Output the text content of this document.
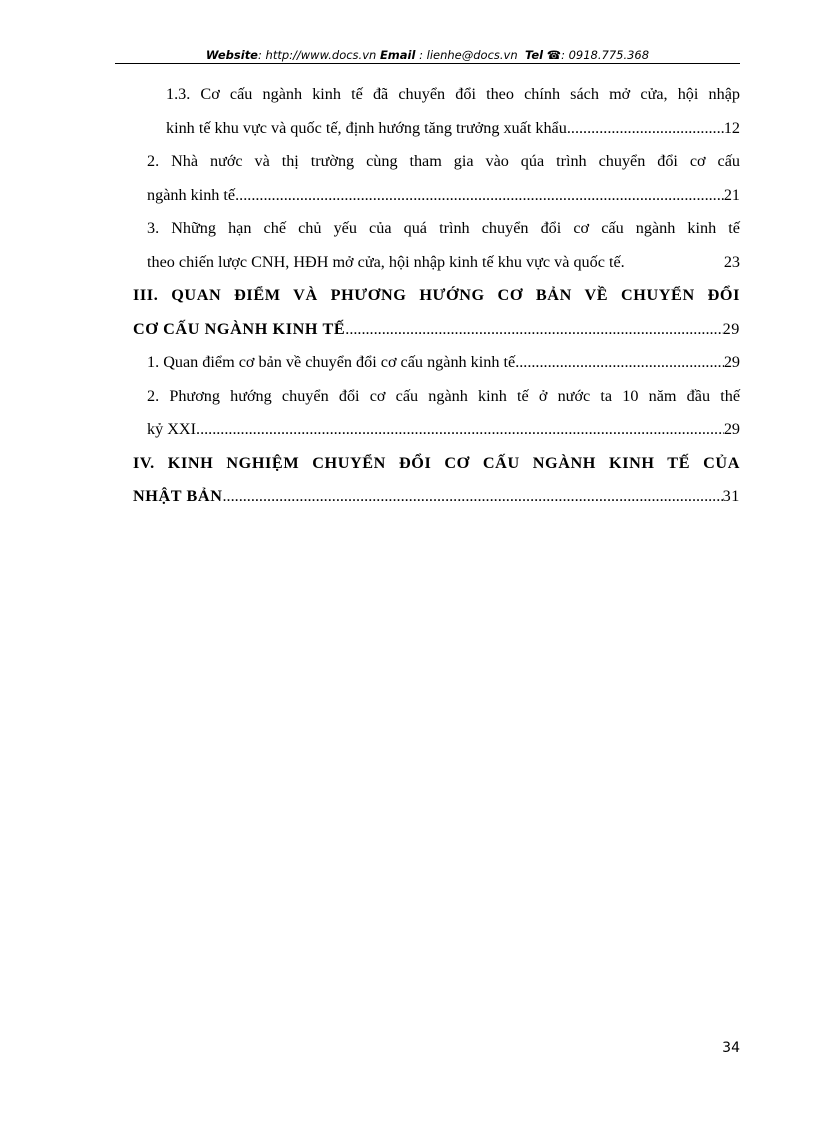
Website: http://www.docs.vn Email : lienhe@docs.vn Tel ☎: 0918.775.368
1.3. Cơ cấu ngành kinh tế đã chuyển đổi theo chính sách mở cửa, hội nhập
kinh tế khu vực và quốc tế, định hướng tăng trưởng xuất khẩu .....	12
2. Nhà nước và thị trường cùng tham gia vào qúa trình chuyển đổi cơ cấu
ngành kinh tế. .....	21
3. Những hạn chế chủ yếu của quá trình chuyển đổi cơ cấu ngành kinh tế
theo chiến lược CNH, HĐH mở cửa, hội nhập kinh tế khu vực và quốc tế.	23
III. QUAN ĐIỂM VÀ PHƯƠNG HƯỚNG CƠ BẢN VỀ CHUYỂN ĐỔI
CƠ CẤU NGÀNH KINH TẾ .....	29
1. Quan điểm cơ bản về chuyển đổi cơ cấu ngành kinh tế .....	29
2. Phương hướng chuyển đổi cơ cấu ngành kinh tế ở nước ta 10 năm đầu thế
kỷ XXI .....	29
IV. KINH NGHIỆM CHUYỂN ĐỔI CƠ CẤU NGÀNH KINH TẾ CỦA
NHẬT BẢN .....	31
34
